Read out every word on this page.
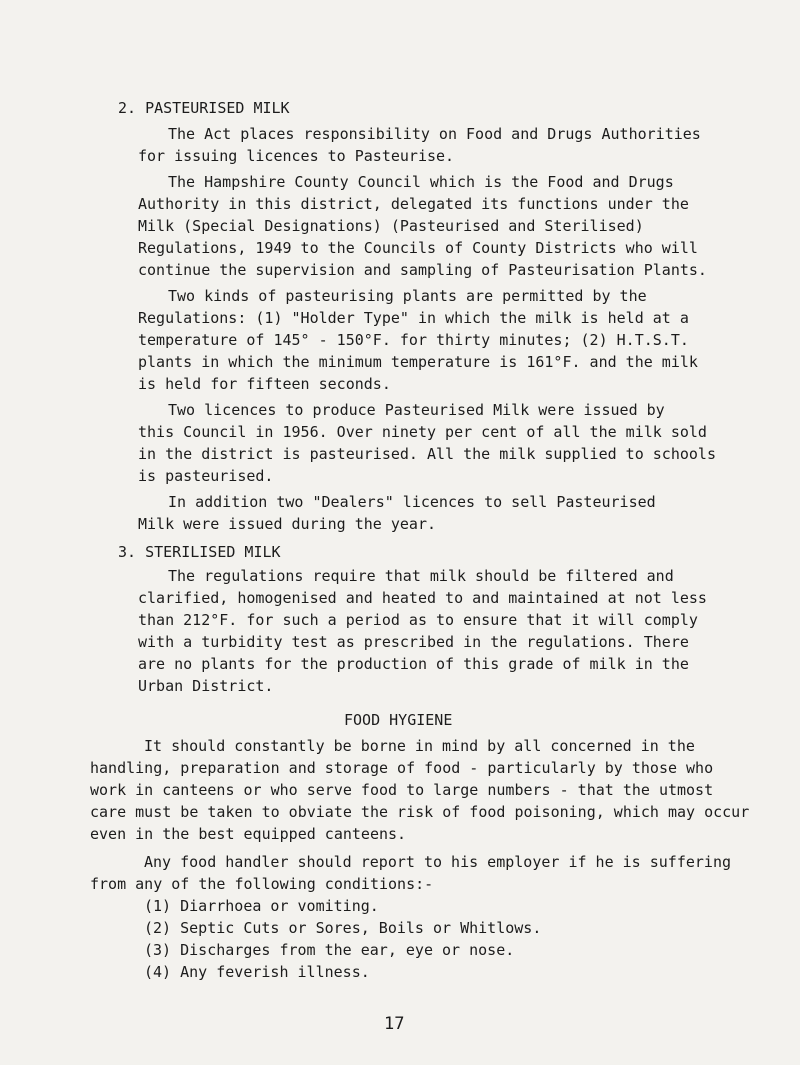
2. PASTEURISED MILK

The Act places responsibility on Food and Drugs Authorities

for issuing licences to Pasteurise.

The Hampshire County Council which is the Food and Drugs

Authority in this district, delegated its functions under the

Milk (Special Designations) (Pasteurised and Sterilised)

Regulations, 1949 to the Councils of County Districts who will

continue the supervision and sampling of Pasteurisation Plants.

Two kinds of pasteurising plants are permitted by the

Regulations: (1) "Holder Type" in which the milk is held at a

temperature of 145° - 150°F. for thirty minutes; (2) H.T.S.T.

plants in which the minimum temperature is 161°F. and the milk

is held for fifteen seconds.

Two licences to produce Pasteurised Milk were issued by

this Council in 1956. Over ninety per cent of all the milk sold

in the district is pasteurised. All the milk supplied to schools

is pasteurised.

In addition two "Dealers" licences to sell Pasteurised

Milk were issued during the year.

3. STERILISED MILK

The regulations require that milk should be filtered and

clarified, homogenised and heated to and maintained at not less

than 212°F. for such a period as to ensure that it will comply

with a turbidity test as prescribed in the regulations. There

are no plants for the production of this grade of milk in the

Urban District.

FOOD HYGIENE

It should constantly be borne in mind by all concerned in the

handling, preparation and storage of food - particularly by those who

work in canteens or who serve food to large numbers - that the utmost

care must be taken to obviate the risk of food poisoning, which may occur

even in the best equipped canteens.

Any food handler should report to his employer if he is suffering

from any of the following conditions:-

(1) Diarrhoea or vomiting.

(2) Septic Cuts or Sores, Boils or Whitlows.

(3) Discharges from the ear, eye or nose.

(4) Any feverish illness.

17
